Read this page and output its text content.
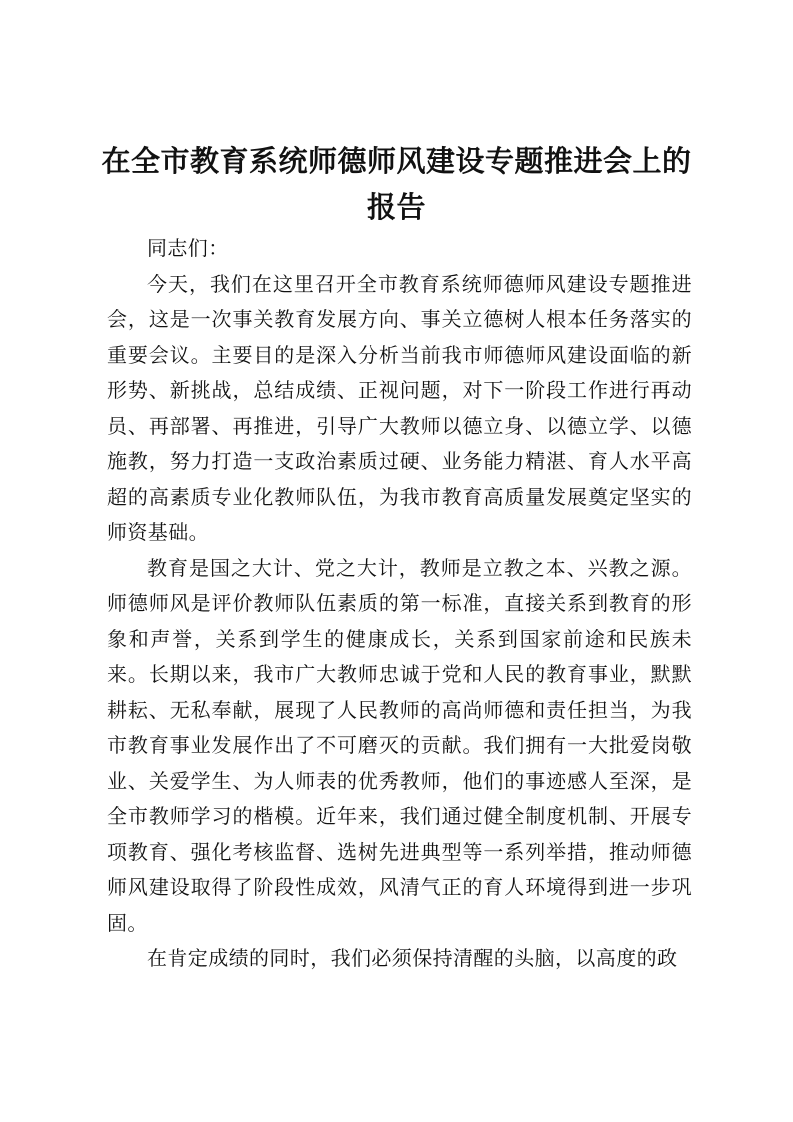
在全市教育系统师德师风建设专题推进会上的报告

同志们：

今天，我们在这里召开全市教育系统师德师风建设专题推进会，这是一次事关教育发展方向、事关立德树人根本任务落实的重要会议。主要目的是深入分析当前我市师德师风建设面临的新形势、新挑战，总结成绩、正视问题，对下一阶段工作进行再动员、再部署、再推进，引导广大教师以德立身、以德立学、以德施教，努力打造一支政治素质过硬、业务能力精湛、育人水平高超的高素质专业化教师队伍，为我市教育高质量发展奠定坚实的师资基础。

教育是国之大计、党之大计，教师是立教之本、兴教之源。师德师风是评价教师队伍素质的第一标准，直接关系到教育的形象和声誉，关系到学生的健康成长，关系到国家前途和民族未来。长期以来，我市广大教师忠诚于党和人民的教育事业，默默耕耘、无私奉献，展现了人民教师的高尚师德和责任担当，为我市教育事业发展作出了不可磨灭的贡献。我们拥有一大批爱岗敬业、关爱学生、为人师表的优秀教师，他们的事迹感人至深，是全市教师学习的楷模。近年来，我们通过健全制度机制、开展专项教育、强化考核监督、选树先进典型等一系列举措，推动师德师风建设取得了阶段性成效，风清气正的育人环境得到进一步巩固。

在肯定成绩的同时，我们必须保持清醒的头脑，以高度的政
